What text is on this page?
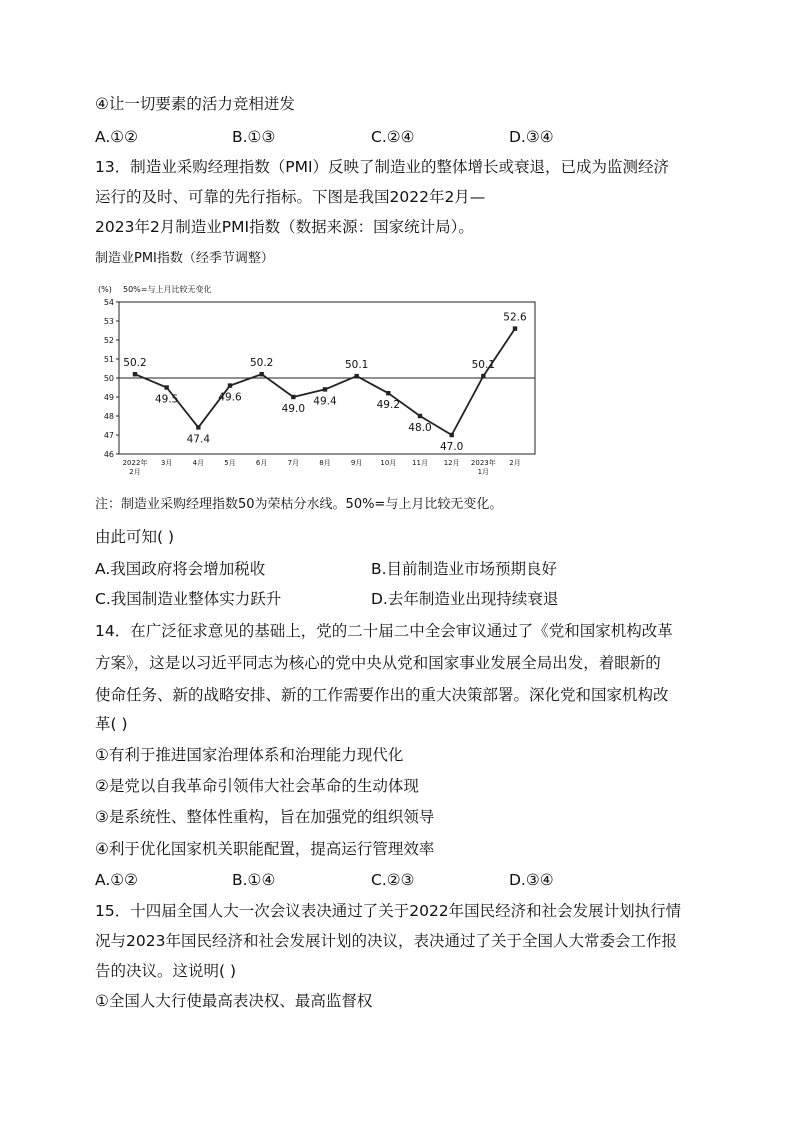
④让一切要素的活力竞相迸发
A.①②	B.①③	C.②④	D.③④
13．制造业采购经理指数（PMI）反映了制造业的整体增长或衰退，已成为监测经济
运行的及时、可靠的先行指标。下图是我国2022年2月—
2023年2月制造业PMI指数（数据来源：国家统计局）。
制造业PMI指数（经季节调整）
(%) 50%=与上月比较无变化
46
47
48
49
50
51
52
53
54
2022年 2月
3月	4月	5月	6月	7月	8月	9月	10月 11月 12月 2023年 1月
2月
50.2
49.5
47.4
49.6
50.2
49.0
49.4
50.1
49.2
48.0
47.0
50.1
52.6
注：制造业采购经理指数50为荣枯分水线。50%=与上月比较无变化。
由此可知( )
A.我国政府将会增加税收	B.目前制造业市场预期良好
C.我国制造业整体实力跃升	D.去年制造业出现持续衰退
14．在广泛征求意见的基础上，党的二十届二中全会审议通过了《党和国家机构改革
方案》，这是以习近平同志为核心的党中央从党和国家事业发展全局出发，着眼新的
使命任务、新的战略安排、新的工作需要作出的重大决策部署。深化党和国家机构改
革( )
①有利于推进国家治理体系和治理能力现代化
②是党以自我革命引领伟大社会革命的生动体现
③是系统性、整体性重构，旨在加强党的组织领导
④利于优化国家机关职能配置，提高运行管理效率
A.①②	B.①④	C.②③	D.③④
15．十四届全国人大一次会议表决通过了关于2022年国民经济和社会发展计划执行情
况与2023年国民经济和社会发展计划的决议，表决通过了关于全国人大常委会工作报
告的决议。这说明( )
①全国人大行使最高表决权、最高监督权
